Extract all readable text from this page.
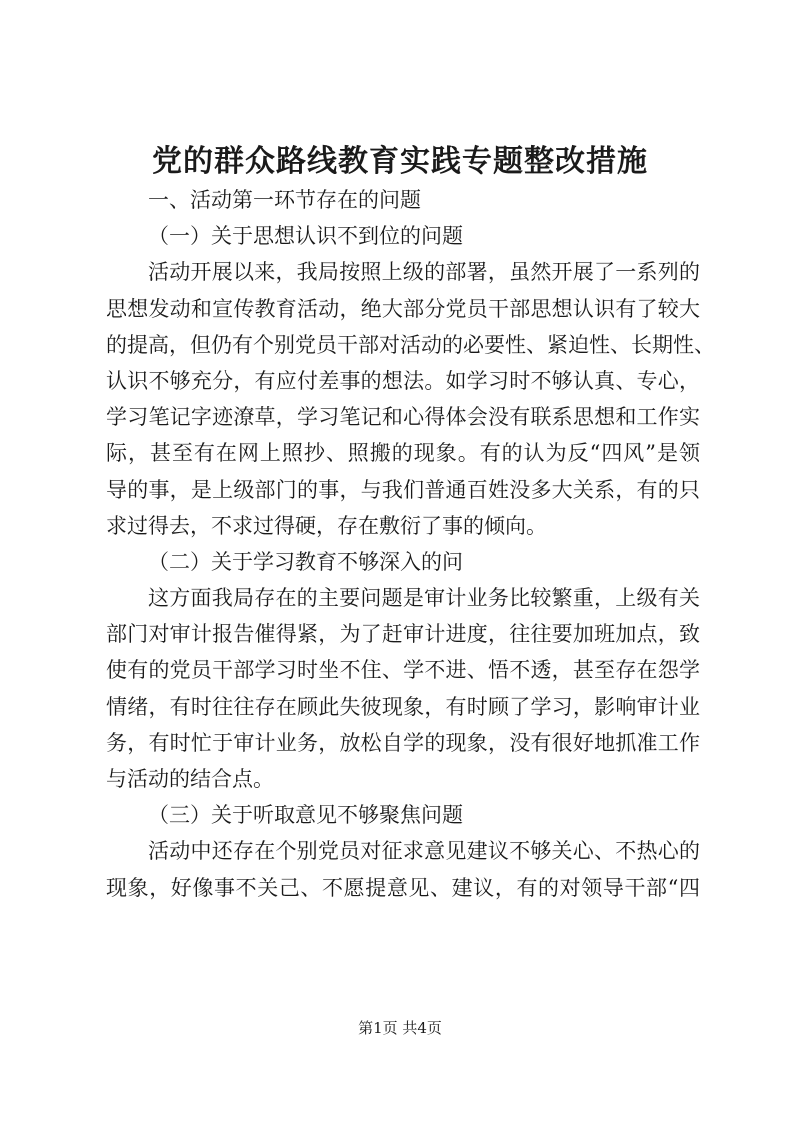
党的群众路线教育实践专题整改措施
一、活动第一环节存在的问题
（一）关于思想认识不到位的问题
活动开展以来，我局按照上级的部署，虽然开展了一系列的
思想发动和宣传教育活动，绝大部分党员干部思想认识有了较大
的提高，但仍有个别党员干部对活动的必要性、紧迫性、长期性、
认识不够充分，有应付差事的想法。如学习时不够认真、专心，
学习笔记字迹潦草，学习笔记和心得体会没有联系思想和工作实
际，甚至有在网上照抄、照搬的现象。有的认为反“四风”是领
导的事，是上级部门的事，与我们普通百姓没多大关系，有的只
求过得去，不求过得硬，存在敷衍了事的倾向。
（二）关于学习教育不够深入的问
这方面我局存在的主要问题是审计业务比较繁重，上级有关
部门对审计报告催得紧，为了赶审计进度，往往要加班加点，致
使有的党员干部学习时坐不住、学不进、悟不透，甚至存在怨学
情绪，有时往往存在顾此失彼现象，有时顾了学习，影响审计业
务，有时忙于审计业务，放松自学的现象，没有很好地抓准工作
与活动的结合点。
（三）关于听取意见不够聚焦问题
活动中还存在个别党员对征求意见建议不够关心、不热心的
现象，好像事不关己、不愿提意见、建议，有的对领导干部“四
第1页 共4页
